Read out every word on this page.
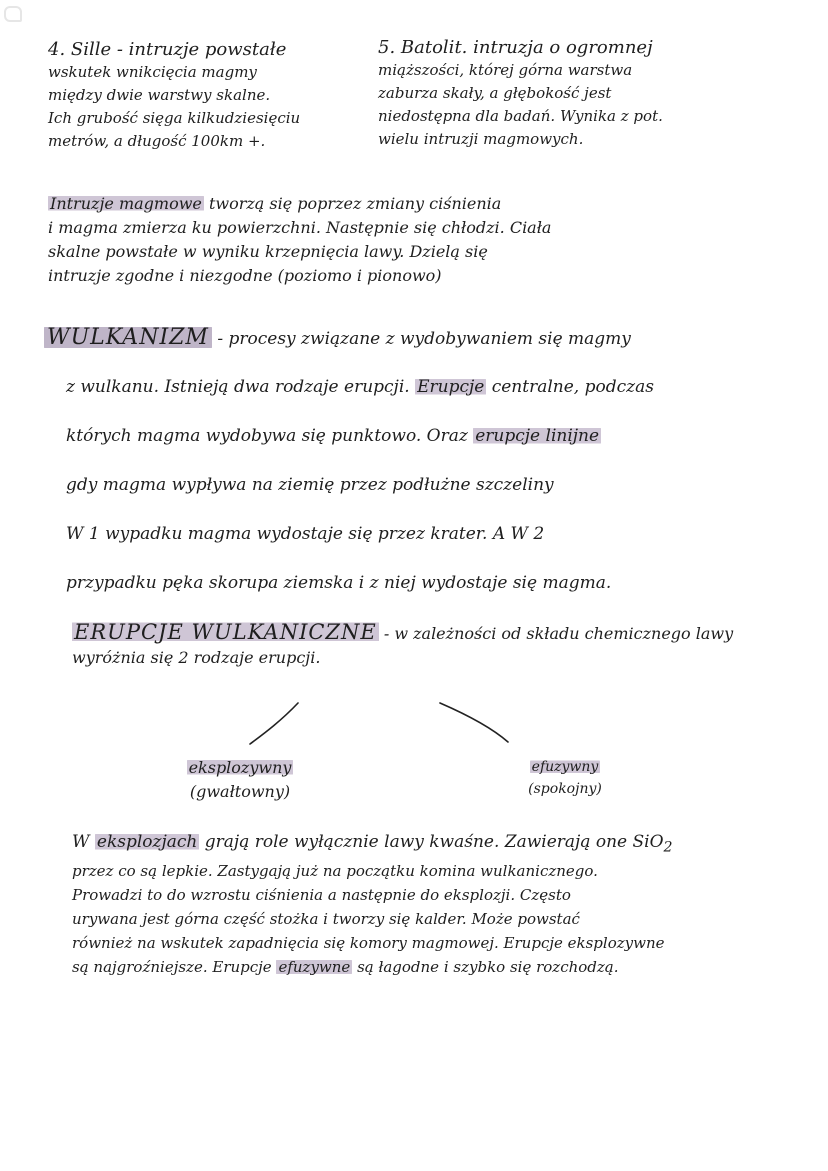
4. Sille - intruzje powstałe
wskutek wnikcięcia magmy
między dwie warstwy skalne.
Ich grubość sięga kilkudziesięciu
metrów, a długość 100km +.
5. Batolit. intruzja o ogromnej
miąższości, której górna warstwa
zaburza skały, a głębokość jest
niedostępna dla badań. Wynika z pot.
wielu intruzji magmowych.
Intruzje magmowe tworzą się poprzez zmiany ciśnienia
i magma zmierza ku powierzchni. Następnie się chłodzi. Ciała
skalne powstałe w wyniku krzepnięcia lawy. Dzielą się
intruzje zgodne i niezgodne (poziomo i pionowo)
WULKANIZM - procesy związane z wydobywaniem się magmy
z wulkanu. Istnieją dwa rodzaje erupcji. Erupcje centralne, podczas
których magma wydobywa się punktowo. Oraz erupcje linijne
gdy magma wypływa na ziemię przez podłużne szczeliny
W 1 wypadku magma wydostaje się przez krater. A W 2
przypadku pęka skorupa ziemska i z niej wydostaje się magma.
ERUPCJE WULKANICZNE - w zależności od składu chemicznego lawy
wyróżnia się 2 rodzaje erupcji.
eksplozywny
(gwałtowny)
efuzywny
(spokojny)
W eksplozjach grają role wyłącznie lawy kwaśne. Zawierają one SiO$_2$
przez co są lepkie. Zastygają już na początku komina wulkanicznego.
Prowadzi to do wzrostu ciśnienia a następnie do eksplozji. Często
urywana jest górna część stożka i tworzy się kalder. Może powstać
również na wskutek zapadnięcia się komory magmowej. Erupcje eksplozywne
są najgroźniejsze. Erupcje efuzywne są łagodne i szybko się rozchodzą.
